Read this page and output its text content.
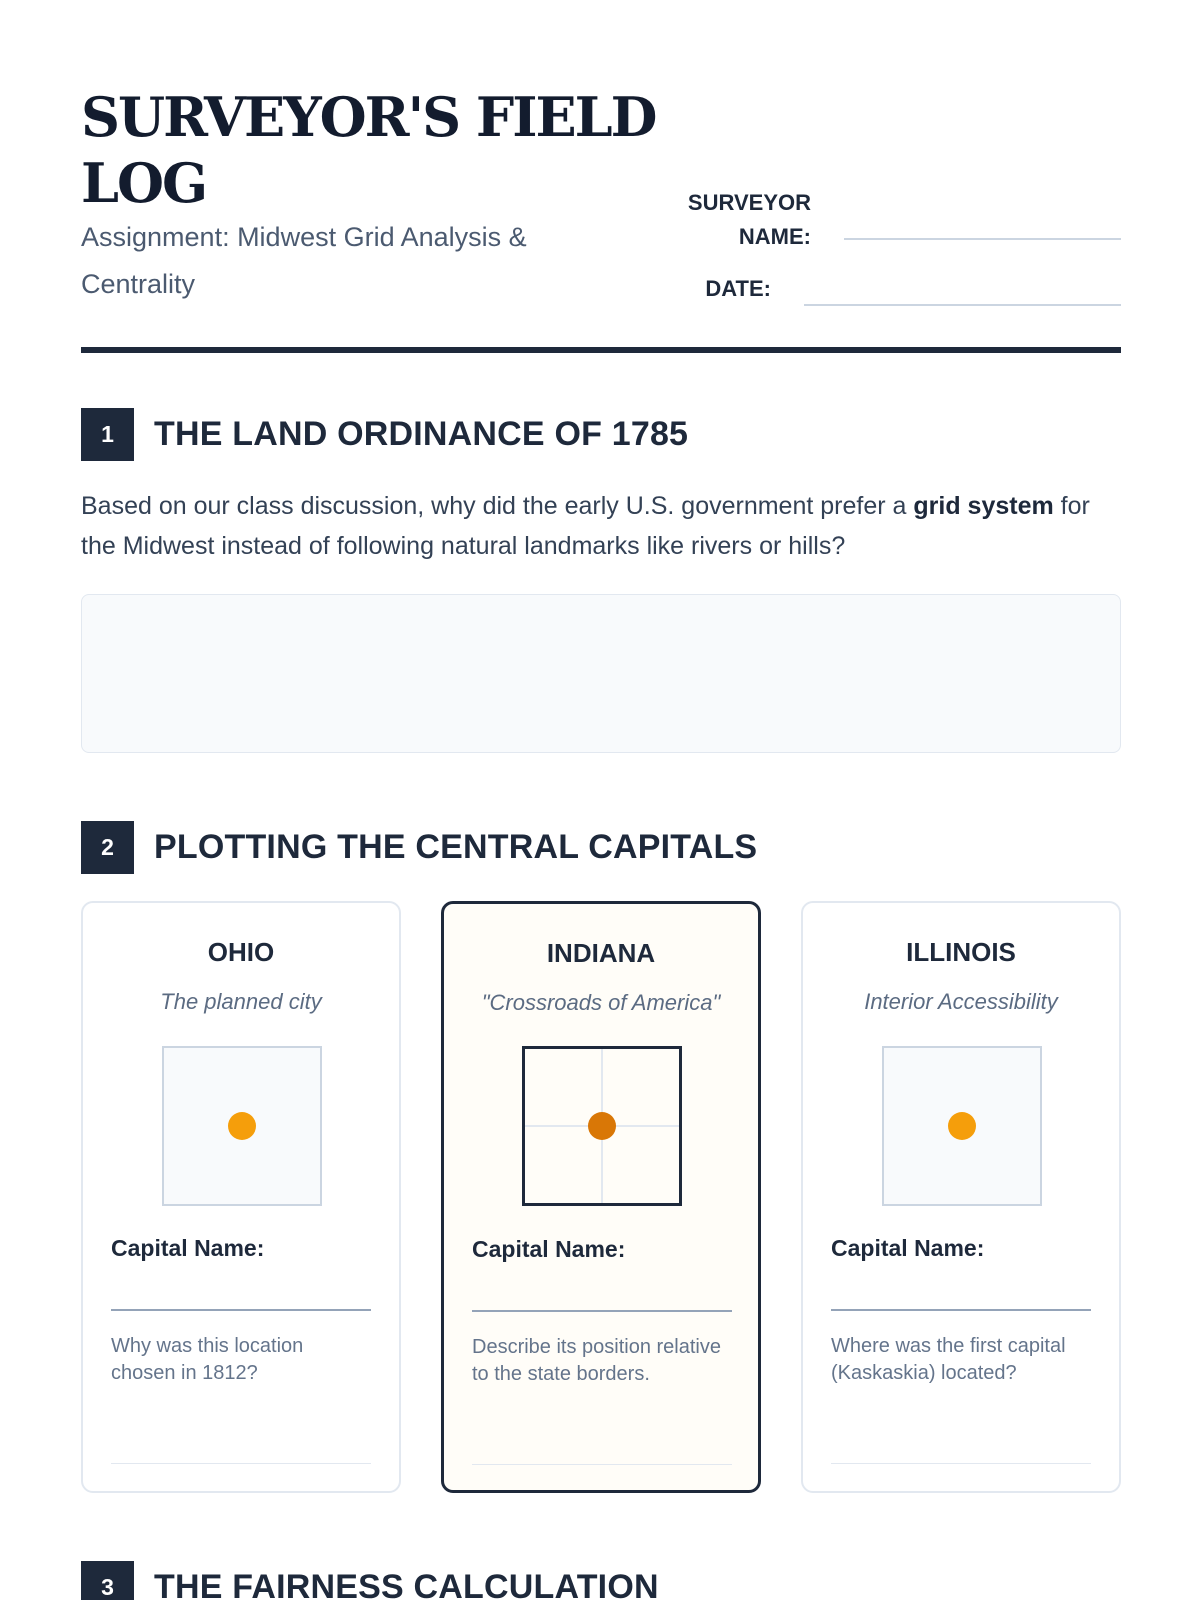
SURVEYOR'S FIELD LOG
Assignment: Midwest Grid Analysis & Centrality
SURVEYOR
NAME:
DATE:
1	THE LAND ORDINANCE OF 1785

Based on our class discussion, why did the early U.S. government prefer a grid system for the Midwest instead of following natural landmarks like rivers or hills?

2	PLOTTING THE CENTRAL CAPITALS
OHIO
The planned city
Capital Name:
Why was this location chosen in 1812?
INDIANA
"Crossroads of America"
Capital Name:
Describe its position relative to the state borders.
ILLINOIS
Interior Accessibility
Capital Name:
Where was the first capital (Kaskaskia) located?
3	THE FAIRNESS CALCULATION
